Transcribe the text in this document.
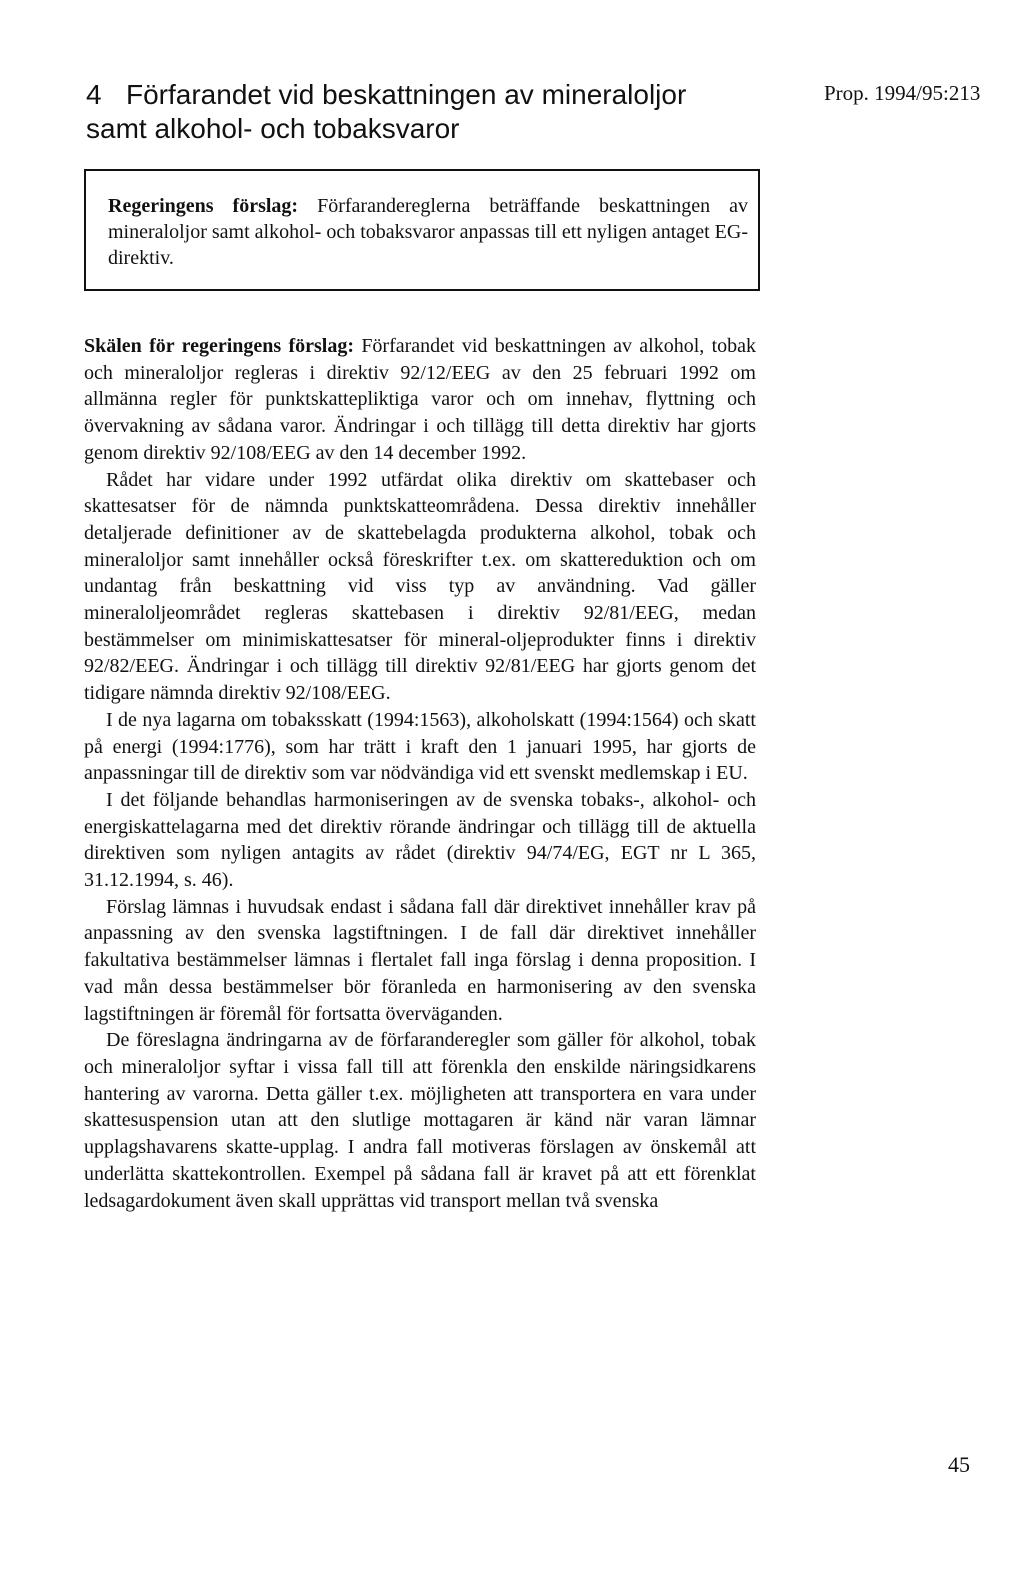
4 Förfarandet vid beskattningen av mineraloljor
samt alkohol- och tobaksvaror
Prop. 1994/95:213
Regeringens förslag: Förfarandereglerna beträffande beskattningen av mineraloljor samt alkohol- och tobaksvaror anpassas till ett nyligen antaget EG-direktiv.

Skälen för regeringens förslag: Förfarandet vid beskattningen av alkohol, tobak och mineraloljor regleras i direktiv 92/12/EEG av den 25 februari 1992 om allmänna regler för punktskattepliktiga varor och om innehav, flyttning och övervakning av sådana varor. Ändringar i och tillägg till detta direktiv har gjorts genom direktiv 92/108/EEG av den 14 december 1992.

Rådet har vidare under 1992 utfärdat olika direktiv om skattebaser och skattesatser för de nämnda punktskatteområdena. Dessa direktiv innehåller detaljerade definitioner av de skattebelagda produkterna alkohol, tobak och mineraloljor samt innehåller också föreskrifter t.ex. om skattereduktion och om undantag från beskattning vid viss typ av användning. Vad gäller mineraloljeområdet regleras skattebasen i direktiv 92/81/EEG, medan bestämmelser om minimiskattesatser för mineral-oljeprodukter finns i direktiv 92/82/EEG. Ändringar i och tillägg till direktiv 92/81/EEG har gjorts genom det tidigare nämnda direktiv 92/108/EEG.

I de nya lagarna om tobaksskatt (1994:1563), alkoholskatt (1994:1564) och skatt på energi (1994:1776), som har trätt i kraft den 1 januari 1995, har gjorts de anpassningar till de direktiv som var nödvändiga vid ett svenskt medlemskap i EU.

I det följande behandlas harmoniseringen av de svenska tobaks-, alkohol- och energiskattelagarna med det direktiv rörande ändringar och tillägg till de aktuella direktiven som nyligen antagits av rådet (direktiv 94/74/EG, EGT nr L 365, 31.12.1994, s. 46).

Förslag lämnas i huvudsak endast i sådana fall där direktivet innehåller krav på anpassning av den svenska lagstiftningen. I de fall där direktivet innehåller fakultativa bestämmelser lämnas i flertalet fall inga förslag i denna proposition. I vad mån dessa bestämmelser bör föranleda en harmonisering av den svenska lagstiftningen är föremål för fortsatta överväganden.

De föreslagna ändringarna av de förfaranderegler som gäller för alkohol, tobak och mineraloljor syftar i vissa fall till att förenkla den enskilde näringsidkarens hantering av varorna. Detta gäller t.ex. möjligheten att transportera en vara under skattesuspension utan att den slutlige mottagaren är känd när varan lämnar upplagshavarens skatte-upplag. I andra fall motiveras förslagen av önskemål att underlätta skattekontrollen. Exempel på sådana fall är kravet på att ett förenklat ledsagardokument även skall upprättas vid transport mellan två svenska

45
